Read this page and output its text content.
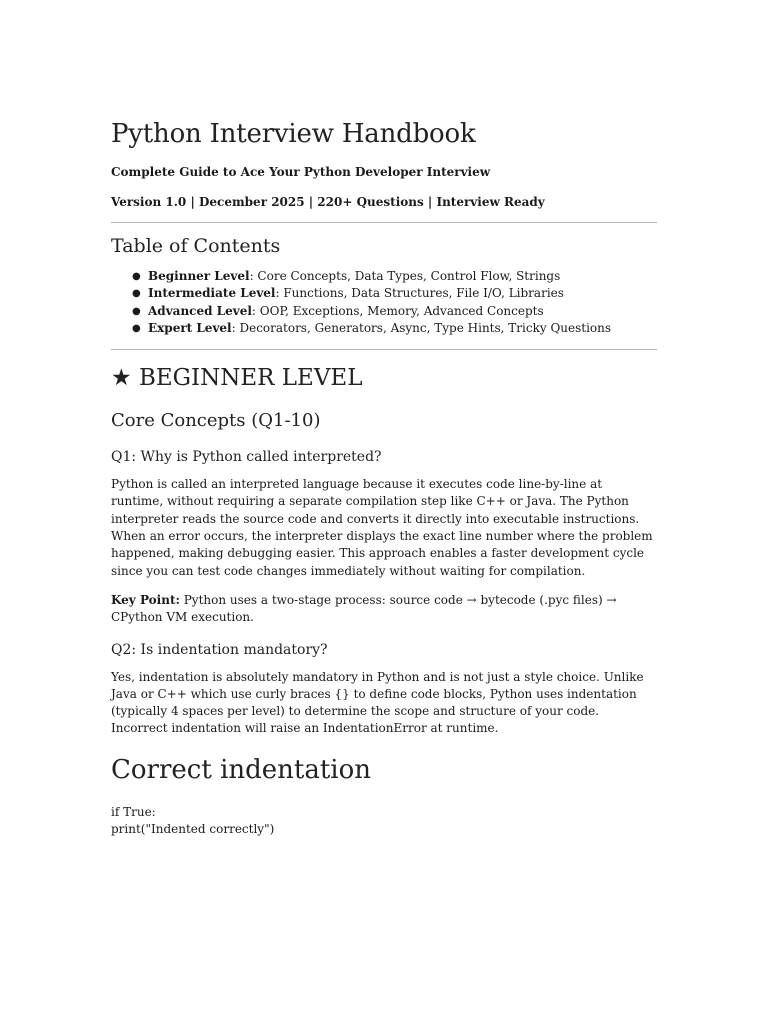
Python Interview Handbook

Complete Guide to Ace Your Python Developer Interview

Version 1.0 | December 2025 | 220+ Questions | Interview Ready

Table of Contents
● Beginner Level: Core Concepts, Data Types, Control Flow, Strings
● Intermediate Level: Functions, Data Structures, File I/O, Libraries
● Advanced Level: OOP, Exceptions, Memory, Advanced Concepts
● Expert Level: Decorators, Generators, Async, Type Hints, Tricky Questions
★ BEGINNER LEVEL
Core Concepts (Q1-10)
Q1: Why is Python called interpreted?

Python is called an interpreted language because it executes code line-by-line at runtime, without requiring a separate compilation step like C++ or Java. The Python interpreter reads the source code and converts it directly into executable instructions. When an error occurs, the interpreter displays the exact line number where the problem happened, making debugging easier. This approach enables a faster development cycle since you can test code changes immediately without waiting for compilation.

Key Point: Python uses a two-stage process: source code → bytecode (.pyc files) → CPython VM execution.

Q2: Is indentation mandatory?

Yes, indentation is absolutely mandatory in Python and is not just a style choice. Unlike Java or C++ which use curly braces {} to define code blocks, Python uses indentation (typically 4 spaces per level) to determine the scope and structure of your code. Incorrect indentation will raise an IndentationError at runtime.

Correct indentation
if True:
print("Indented correctly")
